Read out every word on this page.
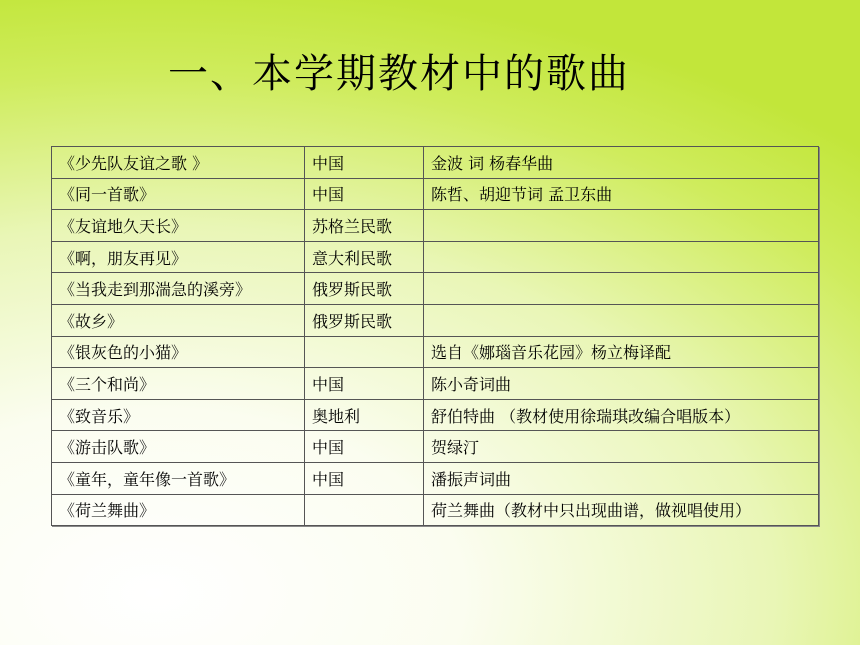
一、本学期教材中的歌曲
《少先队友谊之歌 》	中国	金波 词 杨春华曲
《同一首歌》	中国	陈哲、胡迎节词 孟卫东曲
《友谊地久天长》	苏格兰民歌	
《啊，朋友再见》	意大利民歌	
《当我走到那湍急的溪旁》	俄罗斯民歌	
《故乡》	俄罗斯民歌	
《银灰色的小猫》		选自《娜瑙音乐花园》杨立梅译配
《三个和尚》	中国	陈小奇词曲
《致音乐》	奥地利	舒伯特曲 （教材使用徐瑞琪改编合唱版本）
《游击队歌》	中国	贺绿汀
《童年，童年像一首歌》	中国	潘振声词曲
《荷兰舞曲》		荷兰舞曲（教材中只出现曲谱，做视唱使用）
